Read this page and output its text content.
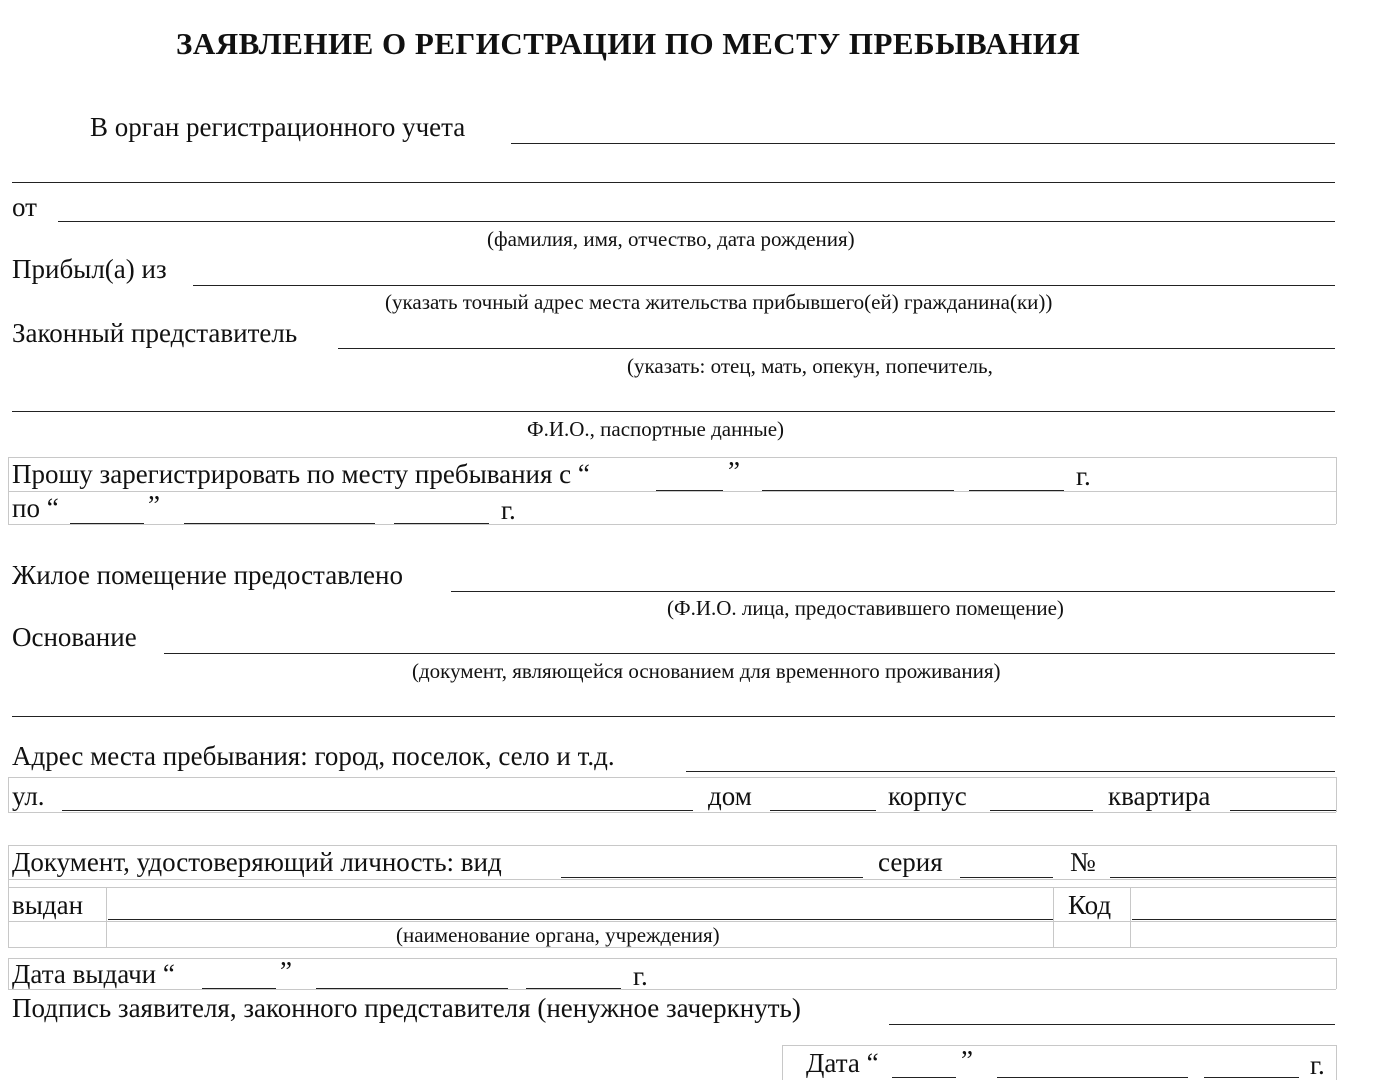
ЗАЯВЛЕНИЕ О РЕГИСТРАЦИИ ПО МЕСТУ ПРЕБЫВАНИЯ
В орган регистрационного учета
от
(фамилия, имя, отчество, дата рождения)
Прибыл(а) из
(указать точный адрес места жительства прибывшего(ей) гражданина(ки))
Законный представитель
(указать: отец, мать, опекун, попечитель,
Ф.И.О., паспортные данные)
Прошу зарегистрировать по месту пребывания с “	”	г.
по “	”	г.
Жилое помещение предоставлено
(Ф.И.О. лица, предоставившего помещение)
Основание
(документ, являющейся основанием для временного проживания)
Адрес места пребывания: город, поселок, село и т.д.
ул.	дом	корпус	квартира
Документ, удостоверяющий личность: вид	серия	№
выдан	Код
(наименование органа, учреждения)
Дата выдачи “	”	г.
Подпись заявителя, законного представителя (ненужное зачеркнуть)
Дата “	”	г.
